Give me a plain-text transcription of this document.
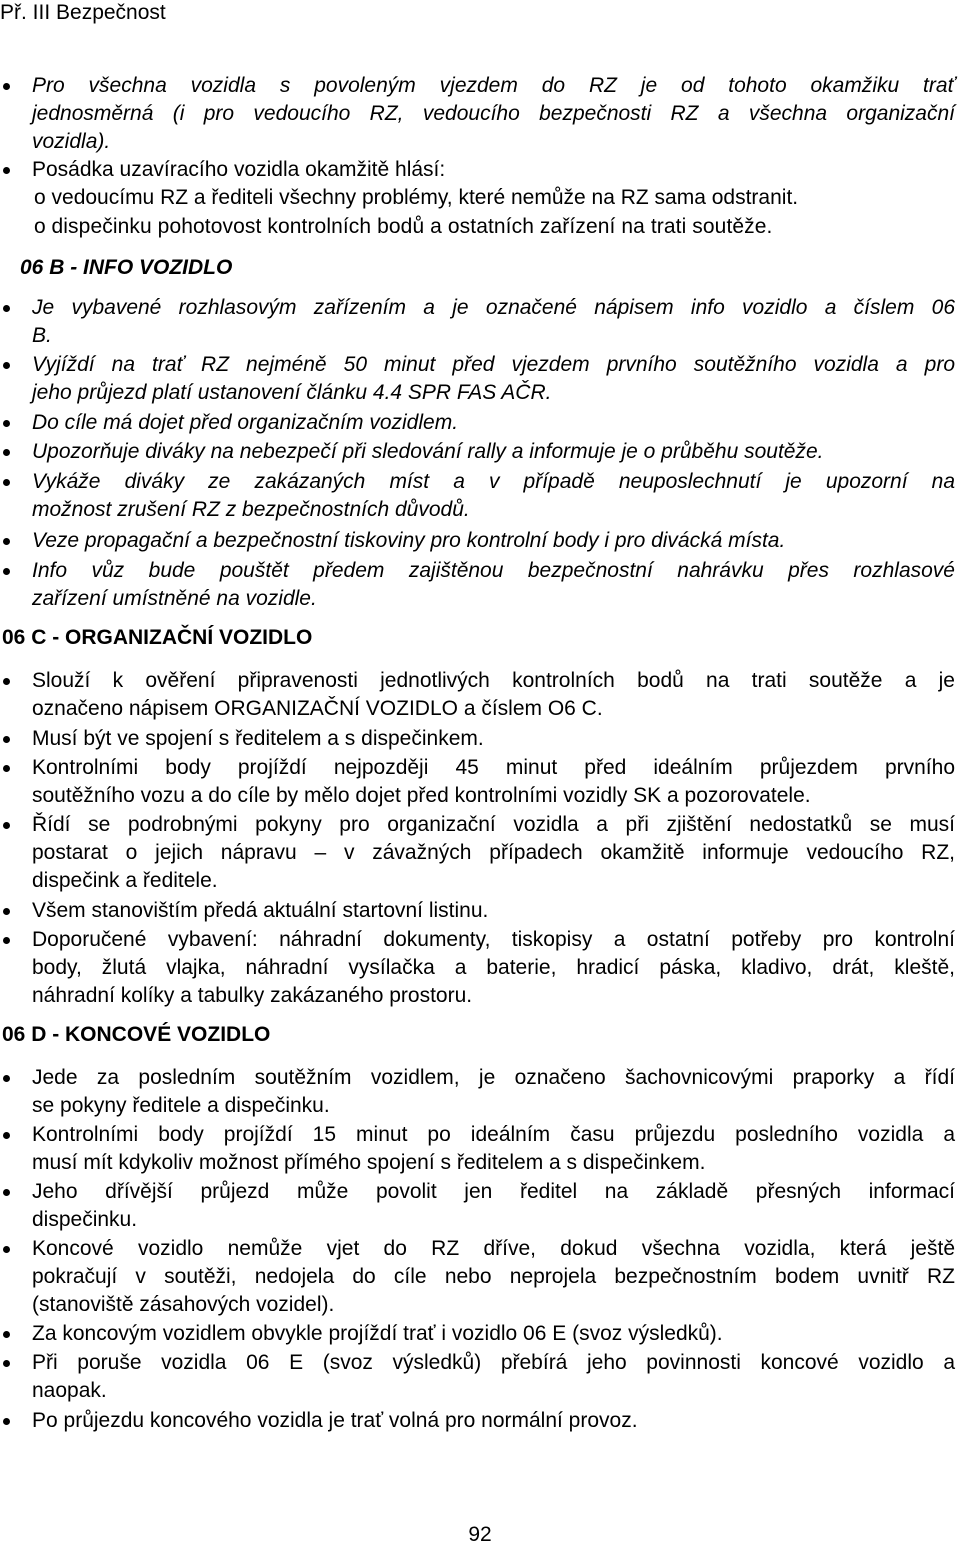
Př. III Bezpečnost
Pro všechna vozidla s povoleným vjezdem do RZ je od tohoto okamžiku trať
jednosměrná (i pro vedoucího RZ, vedoucího bezpečnosti RZ a všechna organizační
vozidla).
Posádka uzavíracího vozidla okamžitě hlásí:
o vedoucímu RZ a řediteli všechny problémy, které nemůže na RZ sama odstranit.
o dispečinku pohotovost kontrolních bodů a ostatních zařízení na trati soutěže.
06 B - INFO VOZIDLO
Je vybavené rozhlasovým zařízením a je označené nápisem info vozidlo a číslem 06
B.
Vyjíždí na trať RZ nejméně 50 minut před vjezdem prvního soutěžního vozidla a pro
jeho průjezd platí ustanovení článku 4.4 SPR FAS AČR.
Do cíle má dojet před organizačním vozidlem.
Upozorňuje diváky na nebezpečí při sledování rally a informuje je o průběhu soutěže.
Vykáže diváky ze zakázaných míst a v případě neuposlechnutí je upozorní na
možnost zrušení RZ z bezpečnostních důvodů.
Veze propagační a bezpečnostní tiskoviny pro kontrolní body i pro divácká místa.
Info vůz bude pouštět předem zajištěnou bezpečnostní nahrávku přes rozhlasové
zařízení umístněné na vozidle.
06 C - ORGANIZAČNÍ VOZIDLO
Slouží k ověření připravenosti jednotlivých kontrolních bodů na trati soutěže a je
označeno nápisem ORGANIZAČNÍ VOZIDLO a číslem O6 C.
Musí být ve spojení s ředitelem a s dispečinkem.
Kontrolními body projíždí nejpozději 45 minut před ideálním průjezdem prvního
soutěžního vozu a do cíle by mělo dojet před kontrolními vozidly SK a pozorovatele.
Řídí se podrobnými pokyny pro organizační vozidla a při zjištění nedostatků se musí
postarat o jejich nápravu – v závažných případech okamžitě informuje vedoucího RZ,
dispečink a ředitele.
Všem stanovištím předá aktuální startovní listinu.
Doporučené vybavení: náhradní dokumenty, tiskopisy a ostatní potřeby pro kontrolní
body, žlutá vlajka, náhradní vysílačka a baterie, hradicí páska, kladivo, drát, kleště,
náhradní kolíky a tabulky zakázaného prostoru.
06 D - KONCOVÉ VOZIDLO
Jede za posledním soutěžním vozidlem, je označeno šachovnicovými praporky a řídí
se pokyny ředitele a dispečinku.
Kontrolními body projíždí 15 minut po ideálním času průjezdu posledního vozidla a
musí mít kdykoliv možnost přímého spojení s ředitelem a s dispečinkem.
Jeho dřívější průjezd může povolit jen ředitel na základě přesných informací
dispečinku.
Koncové vozidlo nemůže vjet do RZ dříve, dokud všechna vozidla, která ještě
pokračují v soutěži, nedojela do cíle nebo neprojela bezpečnostním bodem uvnitř RZ
(stanoviště zásahových vozidel).
Za koncovým vozidlem obvykle projíždí trať i vozidlo 06 E (svoz výsledků).
Při poruše vozidla 06 E (svoz výsledků) přebírá jeho povinnosti koncové vozidlo a
naopak.
Po průjezdu koncového vozidla je trať volná pro normální provoz.
92
